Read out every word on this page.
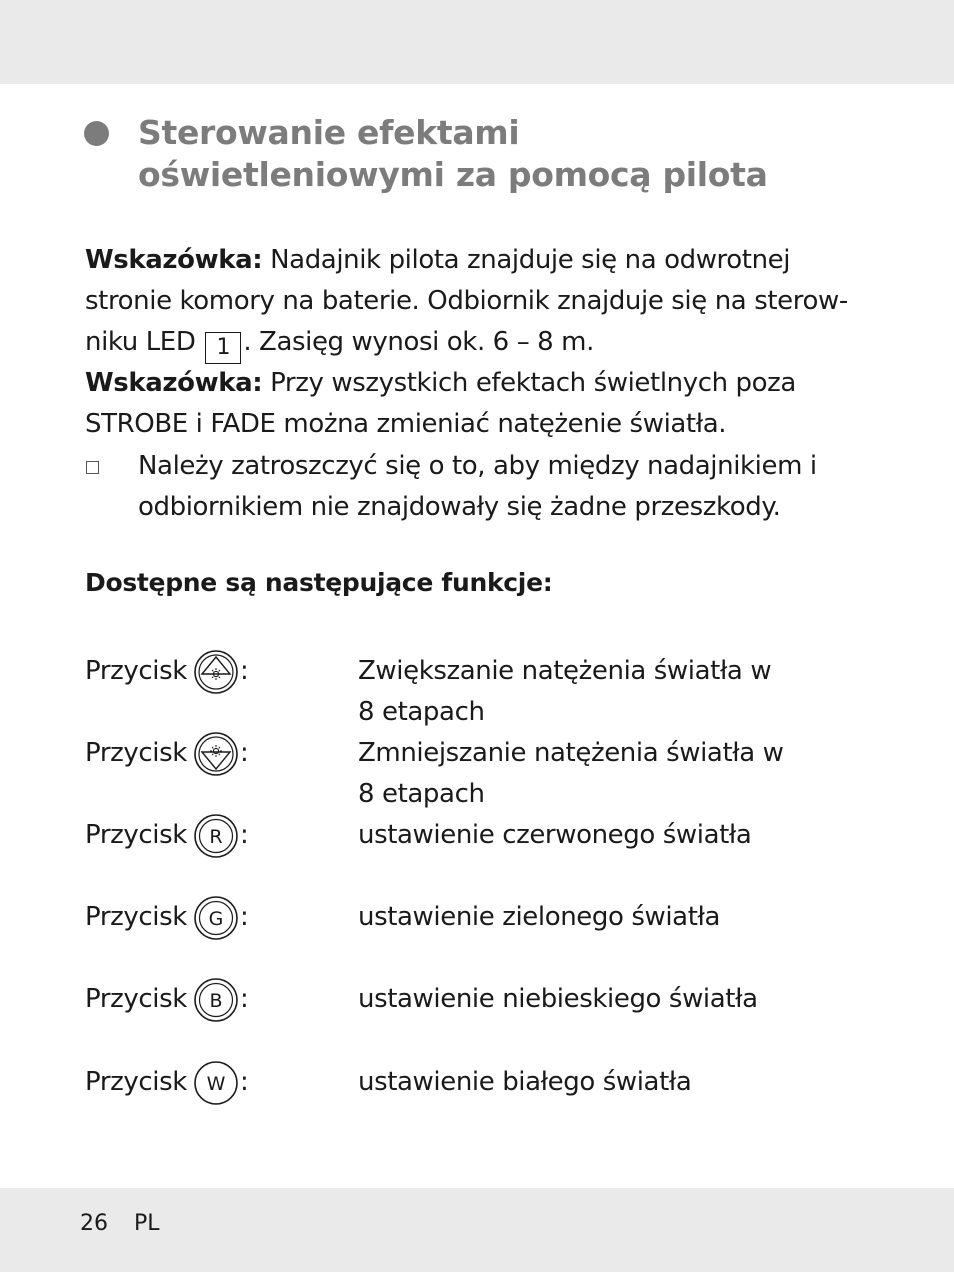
Sterowanie efektami
oświetleniowymi za pomocą pilota
Wskazówka: Nadajnik pilota znajduje się na odwrotnej
stronie komory na baterie. Odbiornik znajduje się na sterow-
niku LED 1 . Zasięg wynosi ok. 6 – 8 m.
Wskazówka: Przy wszystkich efektach świetlnych poza
STROBE i FADE można zmieniać natężenie światła.
Należy zatroszczyć się o to, aby między nadajnikiem i
odbiornikiem nie znajdowały się żadne przeszkody.
Dostępne są następujące funkcje:
Przycisk :	Zwiększanie natężenia światła w
8 etapach
Przycisk :	Zmniejszanie natężenia światła w
8 etapach
Przycisk R :	ustawienie czerwonego światła
Przycisk G :	ustawienie zielonego światła
Przycisk B :	ustawienie niebieskiego światła
Przycisk W :	ustawienie białego światła
26 PL
